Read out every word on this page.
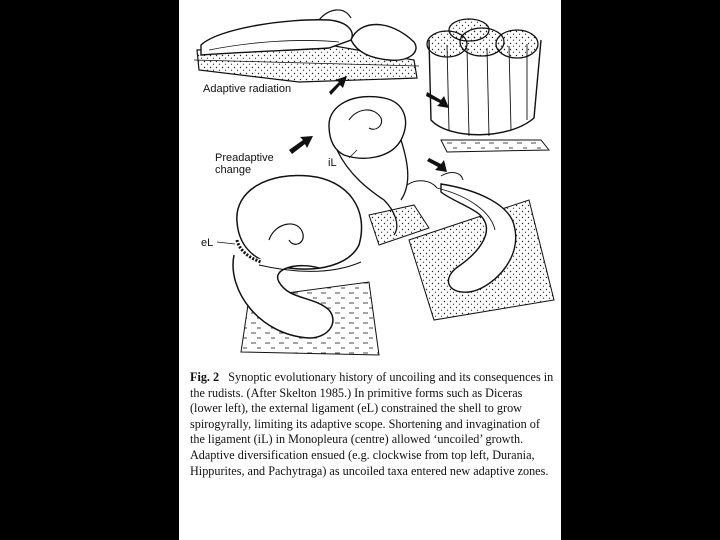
Adaptive radiation
Preadaptive
change
iL
eL

Fig. 2 Synoptic evolutionary history of uncoiling and its consequences in the rudists. (After Skelton 1985.) In primitive forms such as Diceras (lower left), the external ligament (eL) constrained the shell to grow spirogyrally, limiting its adaptive scope. Shortening and invagination of the ligament (iL) in Monopleura (centre) allowed ‘uncoiled’ growth. Adaptive diversification ensued (e.g. clockwise from top left, Durania, Hippurites, and Pachytraga) as uncoiled taxa entered new adaptive zones.
